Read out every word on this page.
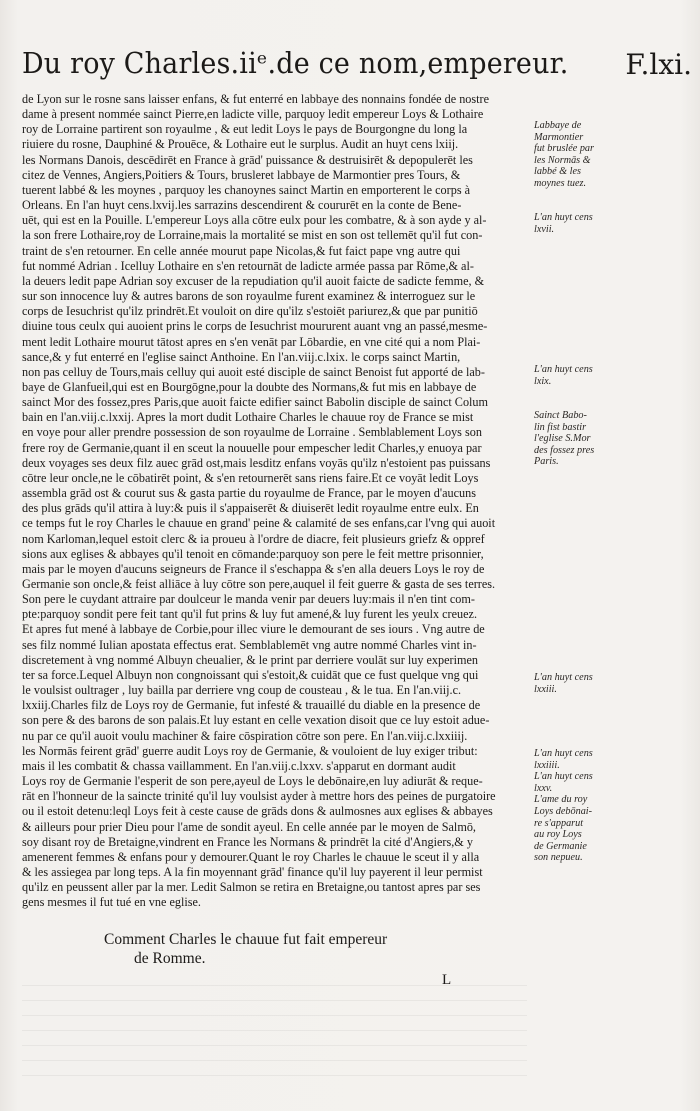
Du roy Charles.iiᵉ.de ce nom,empereur. F.lxi.
de Lyon sur le rosne sans laisser enfans, & fut enterré en labbaye des nonnains fondée de nostre
dame à present nommée sainct Pierre,en ladicte ville, parquoy ledit empereur Loys & Lothaire
roy de Lorraine partirent son royaulme , & eut ledit Loys le pays de Bourgongne du long la
riuiere du rosne, Dauphiné & Prouēce, & Lothaire eut le surplus. Audit an huyt cens lxiij.
les Normans Danois, descēdirēt en France à grād' puissance & destruisirēt & depopulerēt les
citez de Vennes, Angiers,Poitiers & Tours, brusleret labbaye de Marmontier pres Tours, &
tuerent labbé & les moynes , parquoy les chanoynes sainct Martin en emporterent le corps à
Orleans. En l'an huyt cens.lxvij.les sarrazins descendirent & coururēt en la conte de Bene-
uēt, qui est en la Pouille. L'empereur Loys alla cōtre eulx pour les combatre, & à son ayde y al-
la son frere Lothaire,roy de Lorraine,mais la mortalité se mist en son ost tellemēt qu'il fut con-
traint de s'en retourner. En celle année mourut pape Nicolas,& fut faict pape vng autre qui
fut nommé Adrian . Icelluy Lothaire en s'en retournāt de ladicte armée passa par Rōme,& al-
la deuers ledit pape Adrian soy excuser de la repudiation qu'il auoit faicte de sadicte femme, &
sur son innocence luy & autres barons de son royaulme furent examinez & interroguez sur le
corps de Iesuchrist qu'ilz prindrēt.Et vouloit on dire qu'ilz s'estoiēt pariurez,& que par punitiō
diuine tous ceulx qui auoient prins le corps de Iesuchrist moururent auant vng an passé,mesme-
ment ledit Lothaire mourut tātost apres en s'en venāt par Lōbardie, en vne cité qui a nom Plai-
sance,& y fut enterré en l'eglise sainct Anthoine. En l'an.viij.c.lxix. le corps sainct Martin,
non pas celluy de Tours,mais celluy qui auoit esté disciple de sainct Benoist fut apporté de lab-
baye de Glanfueil,qui est en Bourgōgne,pour la doubte des Normans,& fut mis en labbaye de
sainct Mor des fossez,pres Paris,que auoit faicte edifier sainct Babolin disciple de sainct Colum
bain en l'an.viij.c.lxxij. Apres la mort dudit Lothaire Charles le chauue roy de France se mist
en voye pour aller prendre possession de son royaulme de Lorraine . Semblablement Loys son
frere roy de Germanie,quant il en sceut la nouuelle pour empescher ledit Charles,y enuoya par
deux voyages ses deux filz auec grād ost,mais lesditz enfans voyās qu'ilz n'estoient pas puissans
cōtre leur oncle,ne le cōbatirēt point, & s'en retournerēt sans riens faire.Et ce voyāt ledit Loys
assembla grād ost & courut sus & gasta partie du royaulme de France, par le moyen d'aucuns
des plus grāds qu'il attira à luy:& puis il s'appaiserēt & diuiserēt ledit royaulme entre eulx. En
ce temps fut le roy Charles le chauue en grand' peine & calamité de ses enfans,car l'vng qui auoit
nom Karloman,lequel estoit clerc & ia proueu à l'ordre de diacre, feit plusieurs griefz & oppref
sions aux eglises & abbayes qu'il tenoit en cōmande:parquoy son pere le feit mettre prisonnier,
mais par le moyen d'aucuns seigneurs de France il s'eschappa & s'en alla deuers Loys le roy de
Germanie son oncle,& feist alliāce à luy cōtre son pere,auquel il feit guerre & gasta de ses terres.
Son pere le cuydant attraire par doulceur le manda venir par deuers luy:mais il n'en tint com-
pte:parquoy sondit pere feit tant qu'il fut prins & luy fut amené,& luy furent les yeulx creuez.
Et apres fut mené à labbaye de Corbie,pour illec viure le demourant de ses iours . Vng autre de
ses filz nommé Iulian apostata effectus erat. Semblablemēt vng autre nommé Charles vint in-
discretement à vng nommé Albuyn cheualier, & le print par derriere voulāt sur luy experimen
ter sa force.Lequel Albuyn non congnoissant qui s'estoit,& cuidāt que ce fust quelque vng qui
le voulsist oultrager , luy bailla par derriere vng coup de cousteau , & le tua. En l'an.viij.c.
lxxiij.Charles filz de Loys roy de Germanie, fut infesté & trauaillé du diable en la presence de
son pere & des barons de son palais.Et luy estant en celle vexation disoit que ce luy estoit adue-
nu par ce qu'il auoit voulu machiner & faire cōspiration cōtre son pere. En l'an.viij.c.lxxiiij.
les Normās feirent grād' guerre audit Loys roy de Germanie, & vouloient de luy exiger tribut:
mais il les combatit & chassa vaillamment. En l'an.viij.c.lxxv. s'apparut en dormant audit
Loys roy de Germanie l'esperit de son pere,ayeul de Loys le debōnaire,en luy adiurāt & reque-
rāt en l'honneur de la saincte trinité qu'il luy voulsist ayder à mettre hors des peines de purgatoire
ou il estoit detenu:leql Loys feit à ceste cause de grāds dons & aulmosnes aux eglises & abbayes
& ailleurs pour prier Dieu pour l'ame de sondit ayeul. En celle année par le moyen de Salmō,
soy disant roy de Bretaigne,vindrent en France les Normans & prindrēt la cité d'Angiers,& y
amenerent femmes & enfans pour y demourer.Quant le roy Charles le chauue le sceut il y alla
& les assiegea par long teps. A la fin moyennant grād' finance qu'il luy payerent il leur permist
qu'ilz en peussent aller par la mer. Ledit Salmon se retira en Bretaigne,ou tantost apres par ses
gens mesmes il fut tué en vne eglise.
Labbaye de
Marmontier
fut bruslée par
les Normās &
labbé & les
moynes tuez.
L'an huyt cens
lxvii.
L'an huyt cens
lxix.
Sainct Babo-
lin fist bastir
l'eglise S.Mor
des fossez pres
Paris.
L'an huyt cens
lxxiii.
L'an huyt cens
lxxiiii.
L'an huyt cens
lxxv.
L'ame du roy
Loys debōnai-
re s'apparut
au roy Loys
de Germanie
son nepueu.
Comment Charles le chauue fut fait empereur
de Romme.
L
